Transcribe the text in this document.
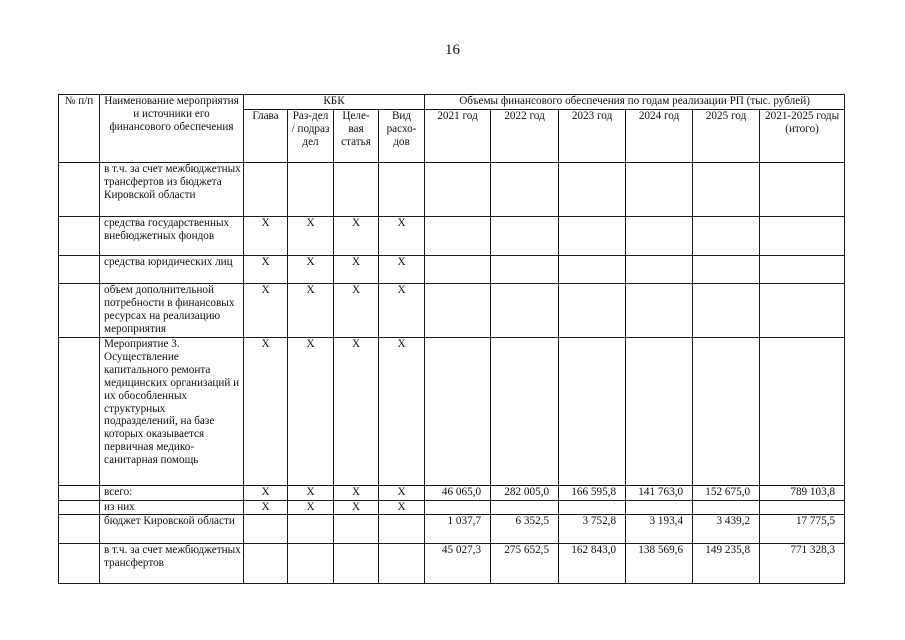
16
№ п/п	Наименование мероприятия и источники его финансового обеспечения	КБК				Объемы финансового обеспечения по годам реализации РП (тыс. рублей)					
		Глава	Раз-дел / подраз дел	Целе-вая статья	Вид расхо-дов	2021 год	2022 год	2023 год	2024 год	2025 год	2021-2025 годы (итого)
	в т.ч. за счет межбюджетных трансфертов из бюджета Кировской области										
	средства государственных внебюджетных фондов	Х	Х	Х	Х						
	средства юридических лиц	Х	Х	Х	Х						
	объем дополнительной потребности в финансовых ресурсах на реализацию мероприятия	Х	Х	Х	Х						
	Мероприятие 3. Осуществление капитального ремонта медицинских организаций и их обособленных структурных подразделений, на базе которых оказывается первичная медико-санитарная помощь	Х	Х	Х	Х						
	всего:	Х	Х	Х	Х	46 065,0	282 005,0	166 595,8	141 763,0	152 675,0	789 103,8
	из них	Х	Х	Х	Х						
	бюджет Кировской области					1 037,7	6 352,5	3 752,8	3 193,4	3 439,2	17 775,5
	в т.ч. за счет межбюджетных трансфертов					45 027,3	275 652,5	162 843,0	138 569,6	149 235,8	771 328,3
